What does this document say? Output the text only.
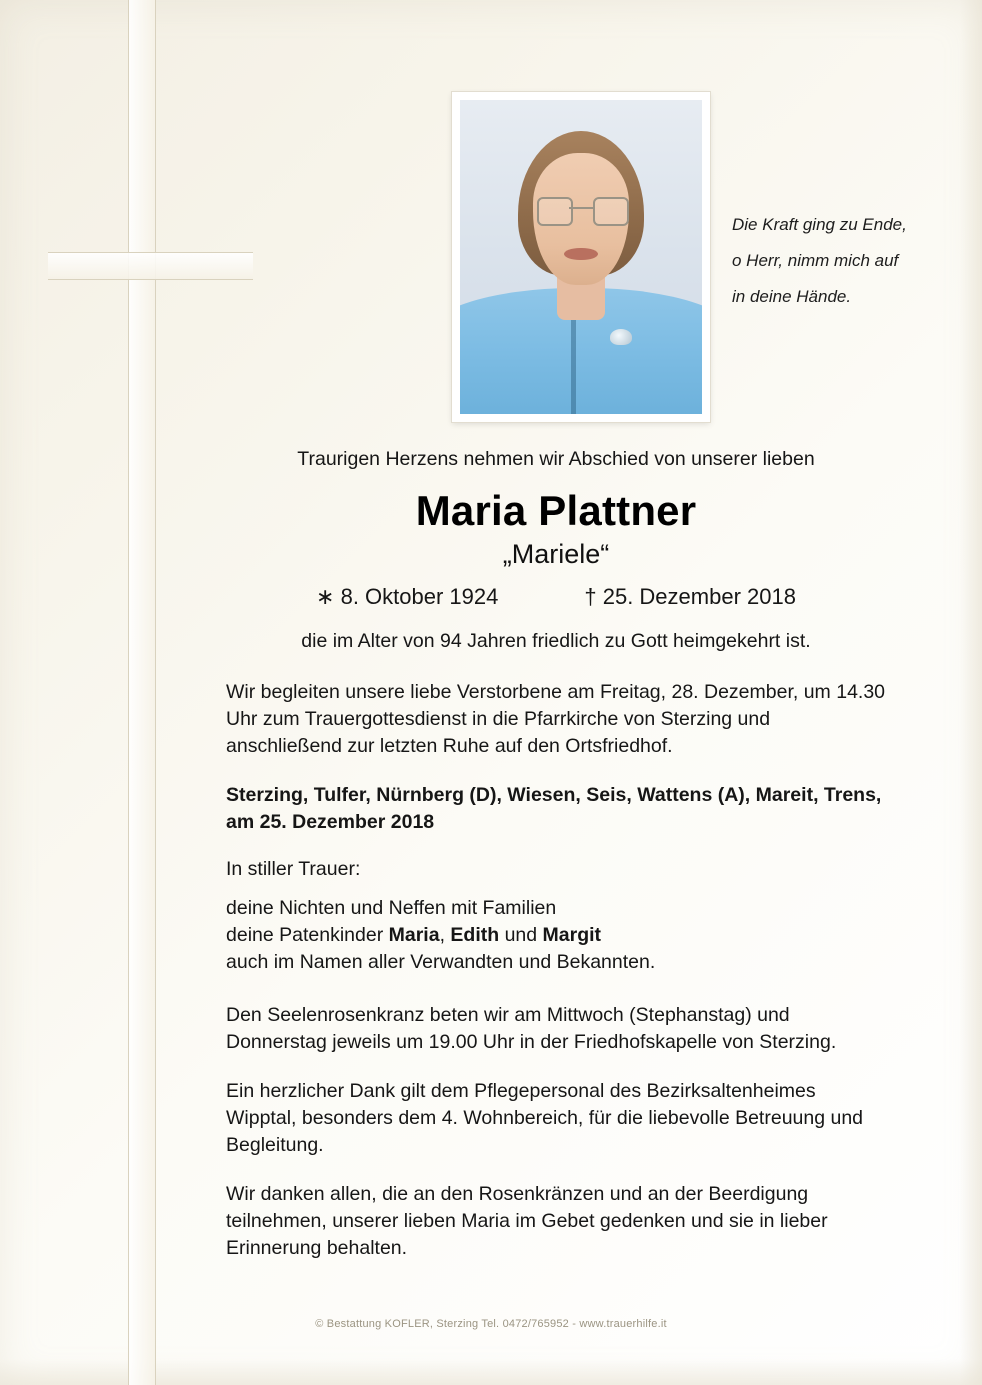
Die Kraft ging zu Ende,
o Herr, nimm mich auf
in deine Hände.

Traurigen Herzens nehmen wir Abschied von unserer lieben

Maria Plattner
„Mariele“
∗ 8. Oktober 1924	† 25. Dezember 2018

die im Alter von 94 Jahren friedlich zu Gott heimgekehrt ist.

Wir begleiten unsere liebe Verstorbene am Freitag, 28. Dezember, um 14.30 Uhr zum Trauergottesdienst in die Pfarrkirche von Sterzing und anschließend zur letzten Ruhe auf den Ortsfriedhof.

Sterzing, Tulfer, Nürnberg (D), Wiesen, Seis, Wattens (A), Mareit, Trens, am 25. Dezember 2018

In stiller Trauer:

deine Nichten und Neffen mit Familien
deine Patenkinder Maria, Edith und Margit
auch im Namen aller Verwandten und Bekannten.

Den Seelenrosenkranz beten wir am Mittwoch (Stephanstag) und Donnerstag jeweils um 19.00 Uhr in der Friedhofskapelle von Sterzing.

Ein herzlicher Dank gilt dem Pflegepersonal des Bezirksaltenheimes Wipptal, besonders dem 4. Wohnbereich, für die liebevolle Betreuung und Begleitung.

Wir danken allen, die an den Rosenkränzen und an der Beerdigung teilnehmen, unserer lieben Maria im Gebet gedenken und sie in lieber Erinnerung behalten.

© Bestattung KOFLER, Sterzing Tel. 0472/765952 - www.trauerhilfe.it
